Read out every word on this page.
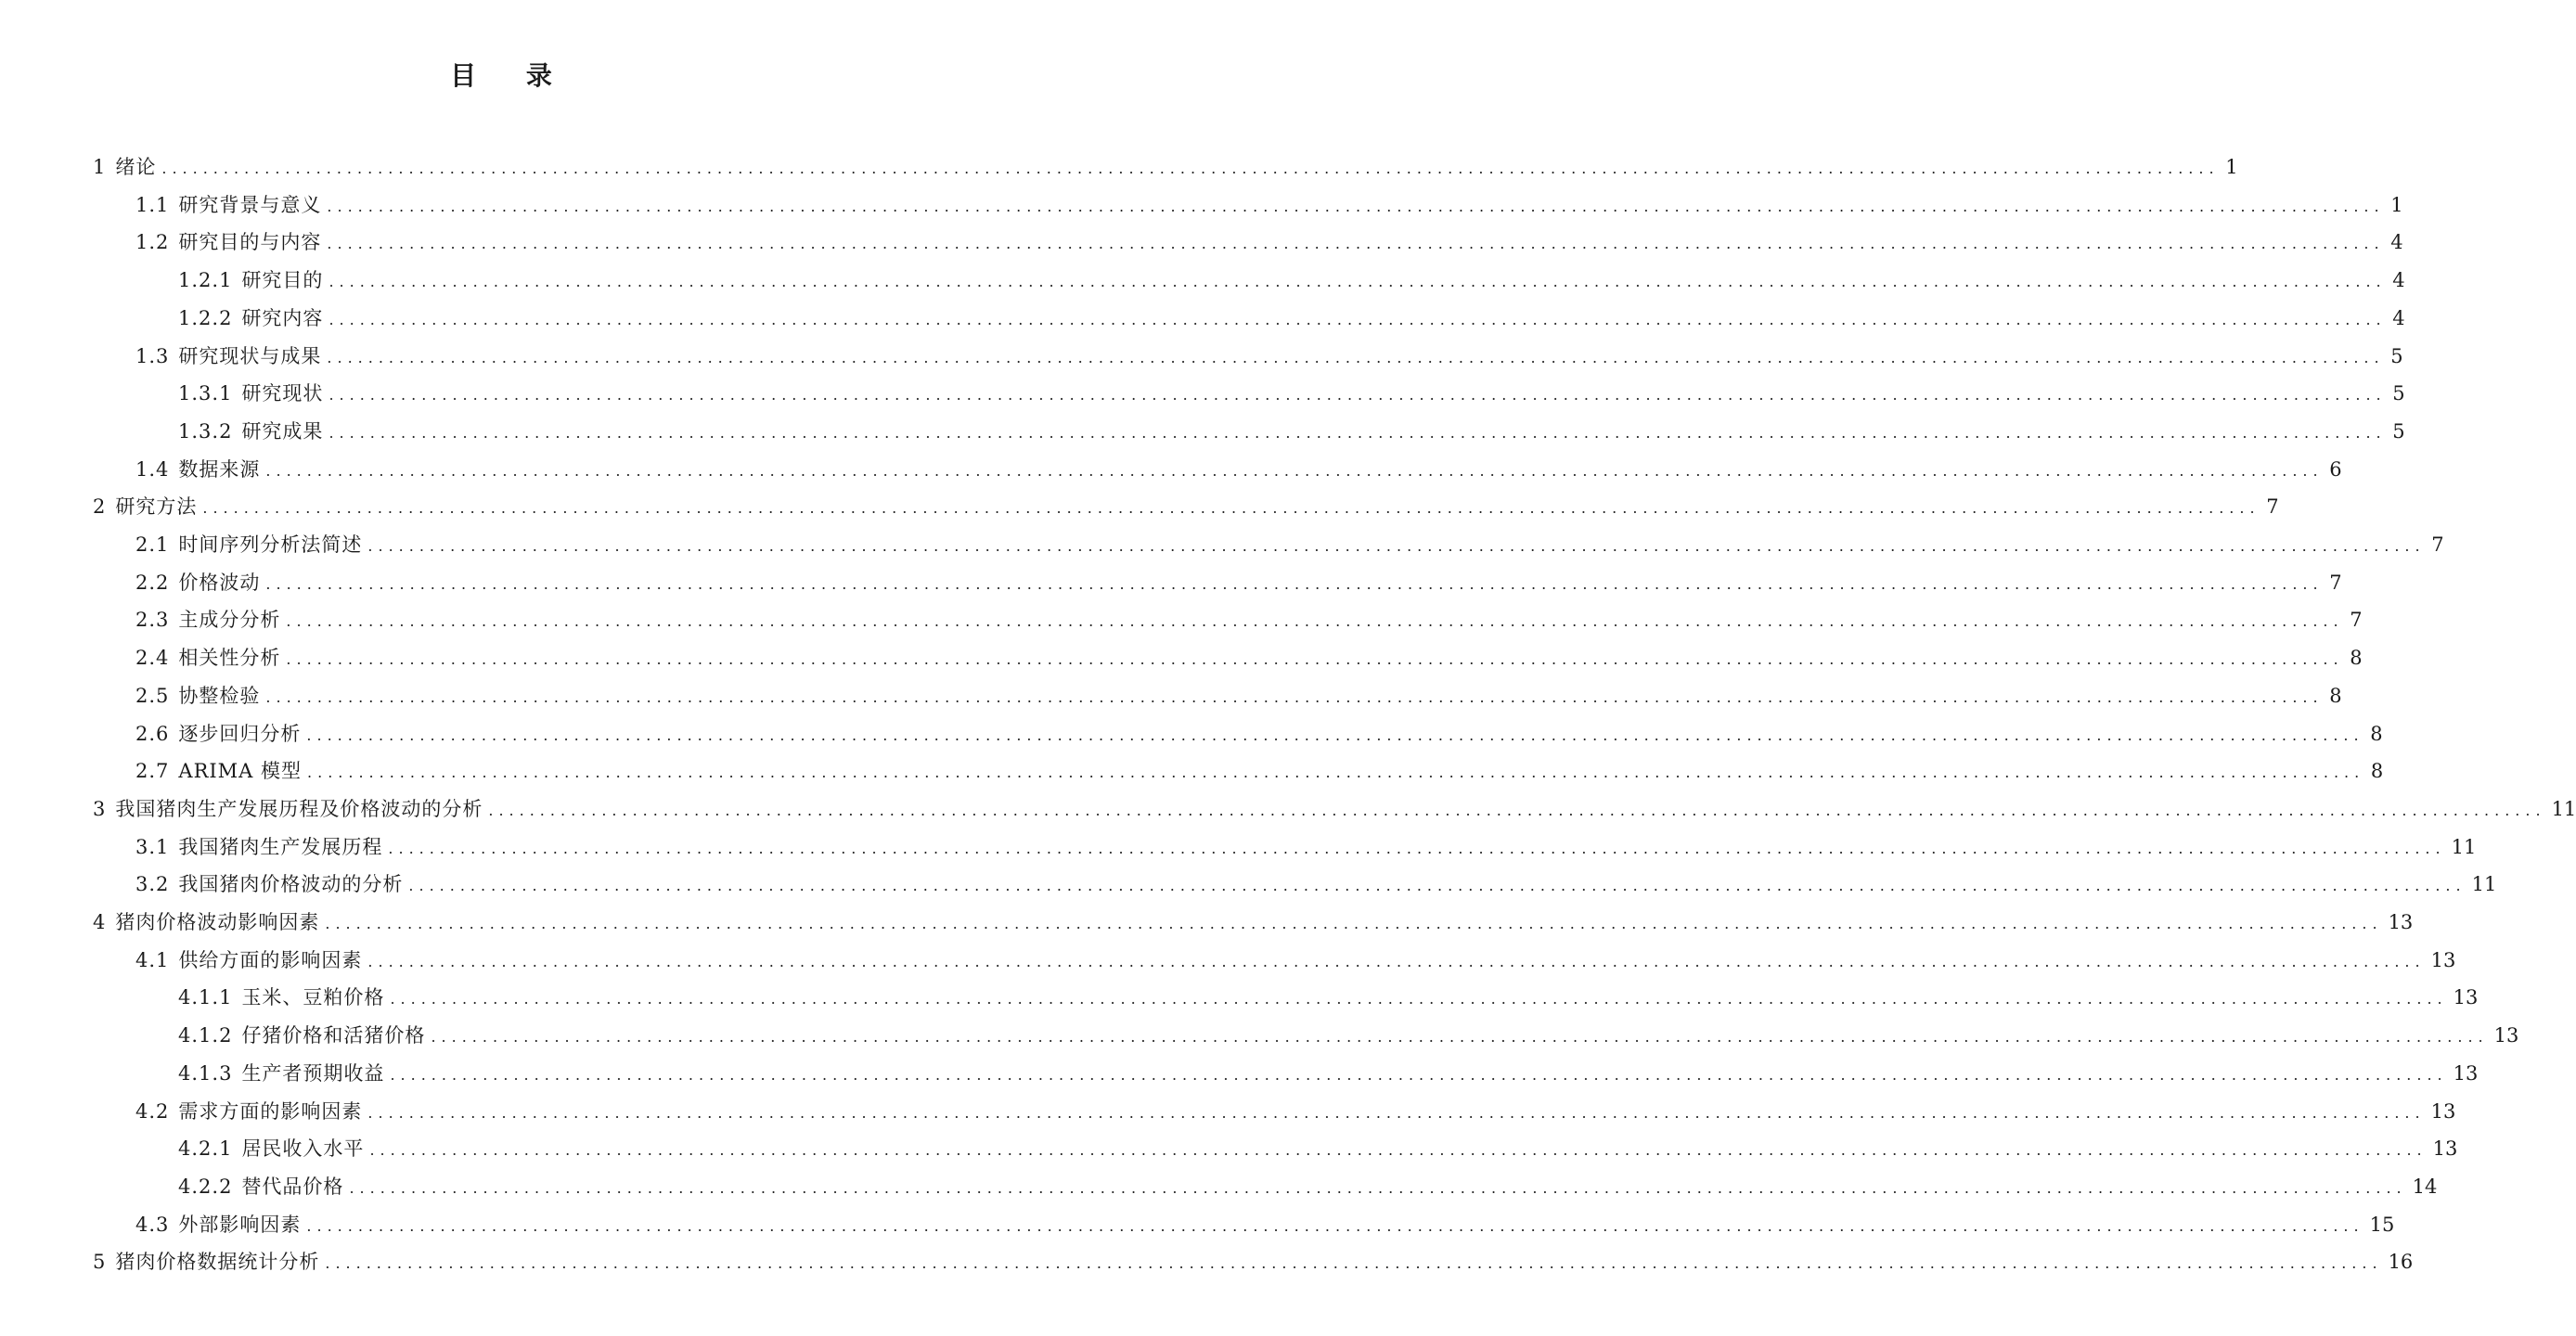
目 录
1 绪论 ........................................................................................................................................................................................................ 1
1.1 研究背景与意义 ........................................................................................................................................................................................................ 1
1.2 研究目的与内容 ........................................................................................................................................................................................................ 4
1.2.1 研究目的 ........................................................................................................................................................................................................ 4
1.2.2 研究内容 ........................................................................................................................................................................................................ 4
1.3 研究现状与成果 ........................................................................................................................................................................................................ 5
1.3.1 研究现状 ........................................................................................................................................................................................................ 5
1.3.2 研究成果 ........................................................................................................................................................................................................ 5
1.4 数据来源 ........................................................................................................................................................................................................ 6
2 研究方法 ........................................................................................................................................................................................................ 7
2.1 时间序列分析法简述 ........................................................................................................................................................................................................ 7
2.2 价格波动 ........................................................................................................................................................................................................ 7
2.3 主成分分析 ........................................................................................................................................................................................................ 7
2.4 相关性分析 ........................................................................................................................................................................................................ 8
2.5 协整检验 ........................................................................................................................................................................................................ 8
2.6 逐步回归分析 ........................................................................................................................................................................................................ 8
2.7 ARIMA 模型 ........................................................................................................................................................................................................ 8
3 我国猪肉生产发展历程及价格波动的分析 ........................................................................................................................................................................................................ 11
3.1 我国猪肉生产发展历程 ........................................................................................................................................................................................................ 11
3.2 我国猪肉价格波动的分析 ........................................................................................................................................................................................................ 11
4 猪肉价格波动影响因素 ........................................................................................................................................................................................................ 13
4.1 供给方面的影响因素 ........................................................................................................................................................................................................ 13
4.1.1 玉米、豆粕价格 ........................................................................................................................................................................................................ 13
4.1.2 仔猪价格和活猪价格 ........................................................................................................................................................................................................ 13
4.1.3 生产者预期收益 ........................................................................................................................................................................................................ 13
4.2 需求方面的影响因素 ........................................................................................................................................................................................................ 13
4.2.1 居民收入水平 ........................................................................................................................................................................................................ 13
4.2.2 替代品价格 ........................................................................................................................................................................................................ 14
4.3 外部影响因素 ........................................................................................................................................................................................................ 15
5 猪肉价格数据统计分析 ........................................................................................................................................................................................................ 16
